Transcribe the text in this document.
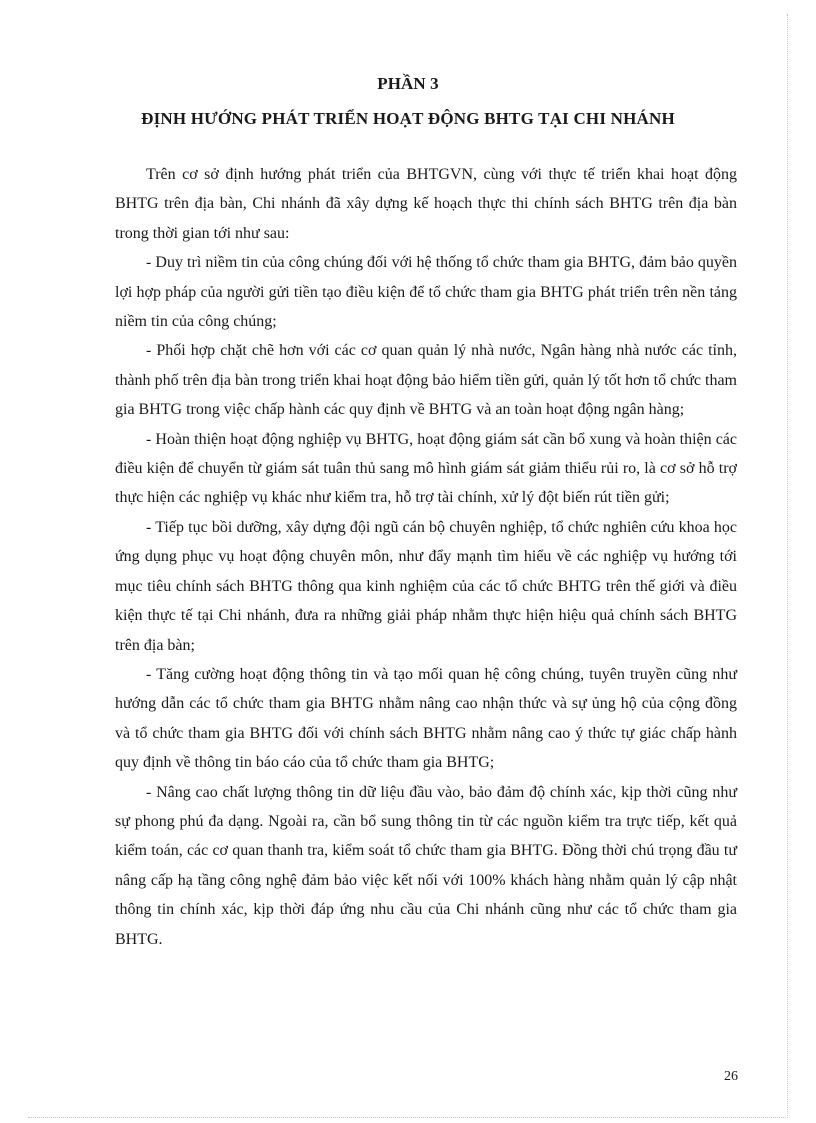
PHẦN 3
ĐỊNH HƯỚNG PHÁT TRIỂN HOẠT ĐỘNG BHTG TẠI CHI NHÁNH

Trên cơ sở định hướng phát triển của BHTGVN, cùng với thực tế triển khai hoạt động BHTG trên địa bàn, Chi nhánh đã xây dựng kế hoạch thực thi chính sách BHTG trên địa bàn trong thời gian tới như sau:

- Duy trì niềm tin của công chúng đối với hệ thống tổ chức tham gia BHTG, đảm bảo quyền lợi hợp pháp của người gửi tiền tạo điều kiện để tổ chức tham gia BHTG phát triển trên nền tảng niềm tin của công chúng;

- Phối hợp chặt chẽ hơn với các cơ quan quản lý nhà nước, Ngân hàng nhà nước các tỉnh, thành phố trên địa bàn trong triển khai hoạt động bảo hiểm tiền gửi, quản lý tốt hơn tổ chức tham gia BHTG trong việc chấp hành các quy định về BHTG và an toàn hoạt động ngân hàng;

- Hoàn thiện hoạt động nghiệp vụ BHTG, hoạt động giám sát cần bổ xung và hoàn thiện các điều kiện để chuyển từ giám sát tuân thủ sang mô hình giám sát giảm thiểu rủi ro, là cơ sở hỗ trợ thực hiện các nghiệp vụ khác như kiểm tra, hỗ trợ tài chính, xử lý đột biến rút tiền gửi;

- Tiếp tục bồi dưỡng, xây dựng đội ngũ cán bộ chuyên nghiệp, tổ chức nghiên cứu khoa học ứng dụng phục vụ hoạt động chuyên môn, như đẩy mạnh tìm hiểu về các nghiệp vụ hướng tới mục tiêu chính sách BHTG thông qua kinh nghiệm của các tổ chức BHTG trên thế giới và điều kiện thực tế tại Chi nhánh, đưa ra những giải pháp nhằm thực hiện hiệu quả chính sách BHTG trên địa bàn;

- Tăng cường hoạt động thông tin và tạo mối quan hệ công chúng, tuyên truyền cũng như hướng dẫn các tổ chức tham gia BHTG nhằm nâng cao nhận thức và sự ủng hộ của cộng đồng và tổ chức tham gia BHTG đối với chính sách BHTG nhằm nâng cao ý thức tự giác chấp hành quy định về thông tin báo cáo của tổ chức tham gia BHTG;

- Nâng cao chất lượng thông tin dữ liệu đầu vào, bảo đảm độ chính xác, kịp thời cũng như sự phong phú đa dạng. Ngoài ra, cần bổ sung thông tin từ các nguồn kiểm tra trực tiếp, kết quả kiểm toán, các cơ quan thanh tra, kiểm soát tổ chức tham gia BHTG. Đồng thời chú trọng đầu tư nâng cấp hạ tầng công nghệ đảm bảo việc kết nối với 100% khách hàng nhằm quản lý cập nhật thông tin chính xác, kịp thời đáp ứng nhu cầu của Chi nhánh cũng như các tổ chức tham gia BHTG.

26
